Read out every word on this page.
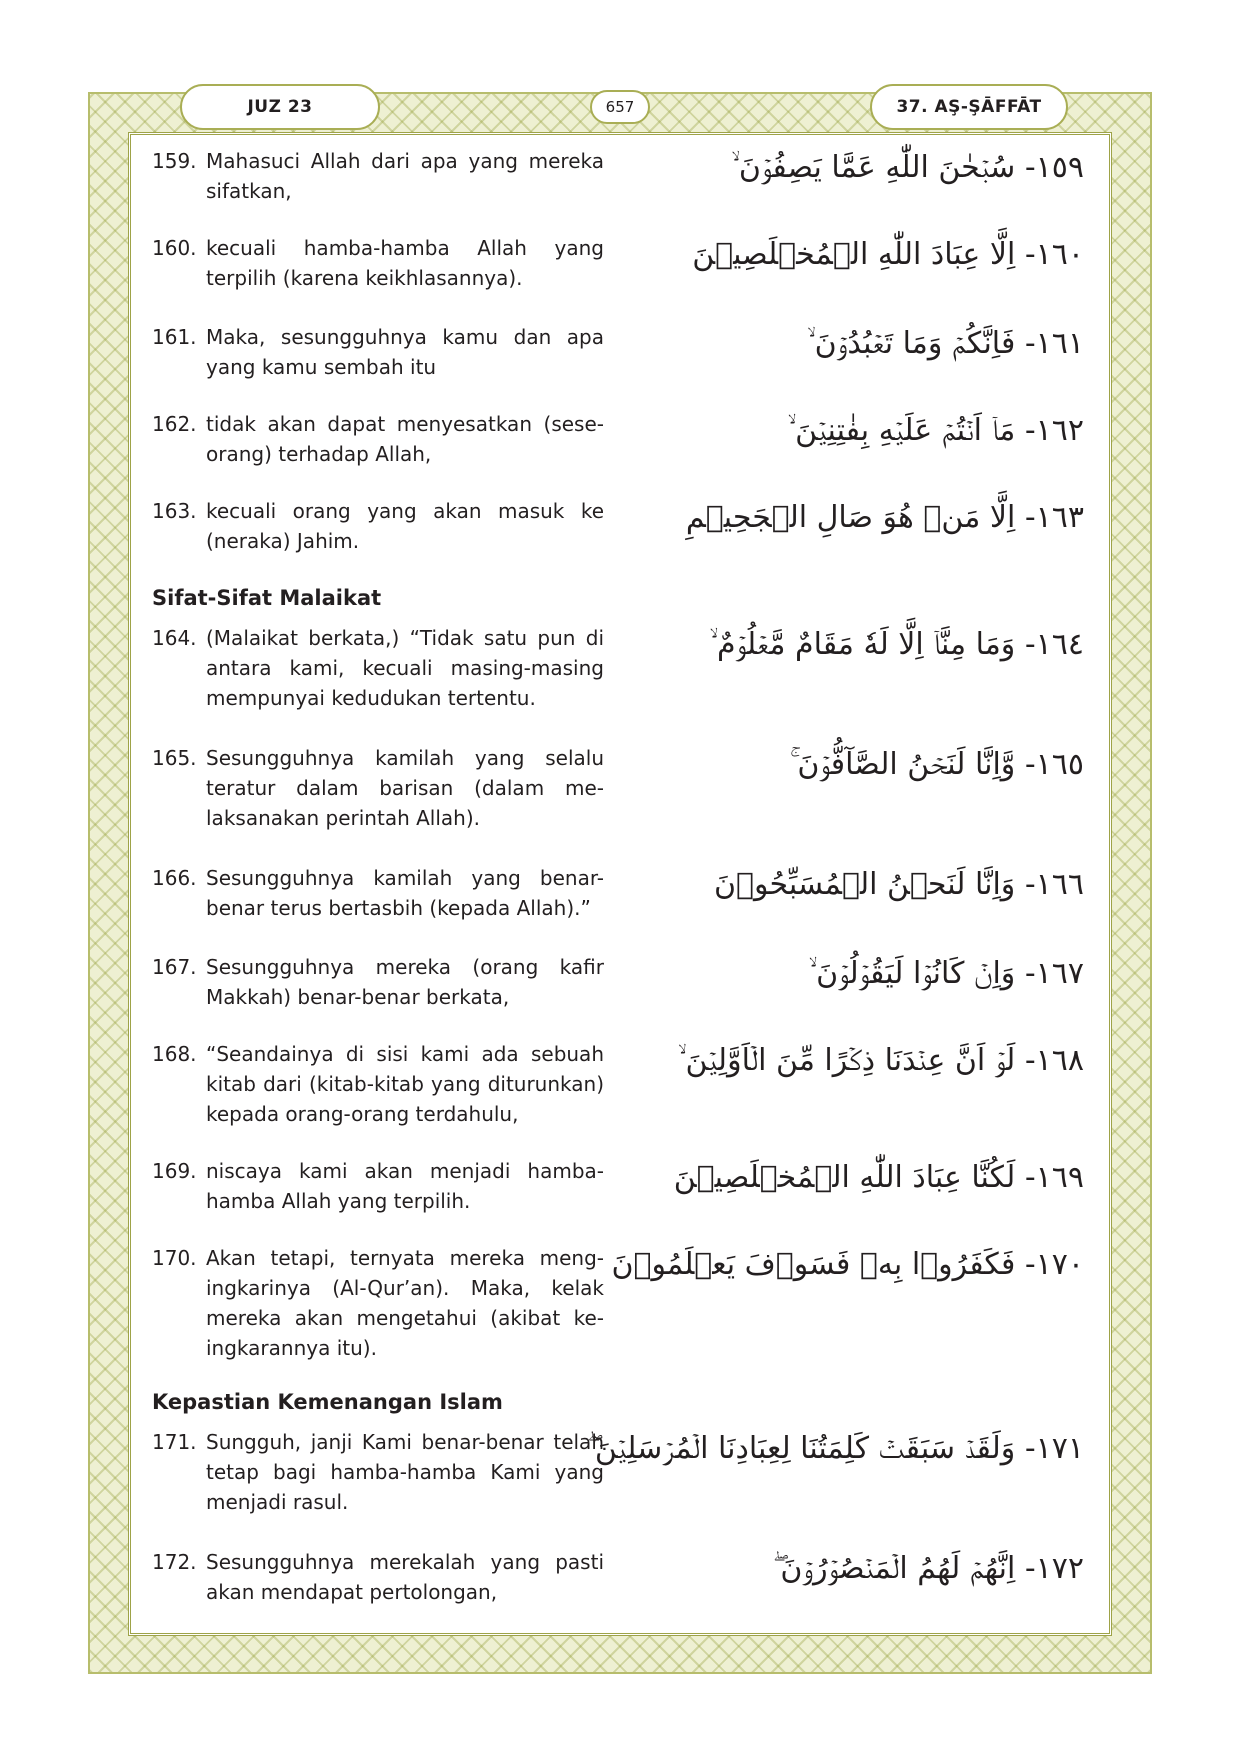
JUZ 23	657	37. AŞ-ŞĀFFĀT
159. Mahasuci Allah dari apa yang mereka sifatkan,
١٥٩- سُبۡحٰنَ اللّٰهِ عَمَّا يَصِفُوۡنَ ۙ
160. kecuali hamba-hamba Allah yang terpilih (karena keikhlasannya).
١٦٠- اِلَّا عِبَادَ اللّٰهِ الۡمُخۡلَصِيۡنَ
161. Maka, sesungguhnya kamu dan apa yang kamu sembah itu
١٦١- فَاِنَّكُمۡ وَمَا تَعۡبُدُوۡنَ ۙ
162. tidak akan dapat menyesatkan (sese- orang) terhadap Allah,
١٦٢- مَاۤ اَنۡتُمۡ عَلَيۡهِ بِفٰتِنِيۡنَ ۙ
163. kecuali orang yang akan masuk ke (neraka) Jahim.
١٦٣- اِلَّا مَنۡ هُوَ صَالِ الۡجَحِيۡمِ
Sifat-Sifat Malaikat
164. (Malaikat berkata,) “Tidak satu pun di antara kami, kecuali masing-masing mempunyai kedudukan tertentu.
١٦٤- وَمَا مِنَّاۤ اِلَّا لَهٗ مَقَامٌ مَّعۡلُوۡمٌ ۙ
165. Sesungguhnya kamilah yang selalu teratur dalam barisan (dalam me- laksanakan perintah Allah).
١٦٥- وَّاِنَّا لَنَحۡنُ الصَّآفُّوۡنَ ۚ
166. Sesungguhnya kamilah yang benar- benar terus bertasbih (kepada Allah).”
١٦٦- وَاِنَّا لَنَحۡنُ الۡمُسَبِّحُوۡنَ
167. Sesungguhnya mereka (orang kafir Makkah) benar-benar berkata,
١٦٧- وَاِنۡ كَانُوۡا لَيَقُوۡلُوۡنَ ۙ
168. “Seandainya di sisi kami ada sebuah kitab dari (kitab-kitab yang diturunkan) kepada orang-orang terdahulu,
١٦٨- لَوۡ اَنَّ عِنۡدَنَا ذِكۡرًا مِّنَ الۡاَوَّلِيۡنَ ۙ
169. niscaya kami akan menjadi hamba- hamba Allah yang terpilih.
١٦٩- لَكُنَّا عِبَادَ اللّٰهِ الۡمُخۡلَصِيۡنَ
170. Akan tetapi, ternyata mereka meng- ingkarinya (Al-Qur’an). Maka, kelak mereka akan mengetahui (akibat ke- ingkarannya itu).
١٧٠- فَكَفَرُوۡا بِهٖ فَسَوۡفَ يَعۡلَمُوۡنَ
Kepastian Kemenangan Islam
171. Sungguh, janji Kami benar-benar telah tetap bagi hamba-hamba Kami yang menjadi rasul.
١٧١- وَلَقَدۡ سَبَقَتۡ كَلِمَتُنَا لِعِبَادِنَا الۡمُرۡسَلِيۡنَ ۖ
172. Sesungguhnya merekalah yang pasti akan mendapat pertolongan,
١٧٢- اِنَّهُمۡ لَهُمُ الۡمَنۡصُوۡرُوۡنَ ۖ
